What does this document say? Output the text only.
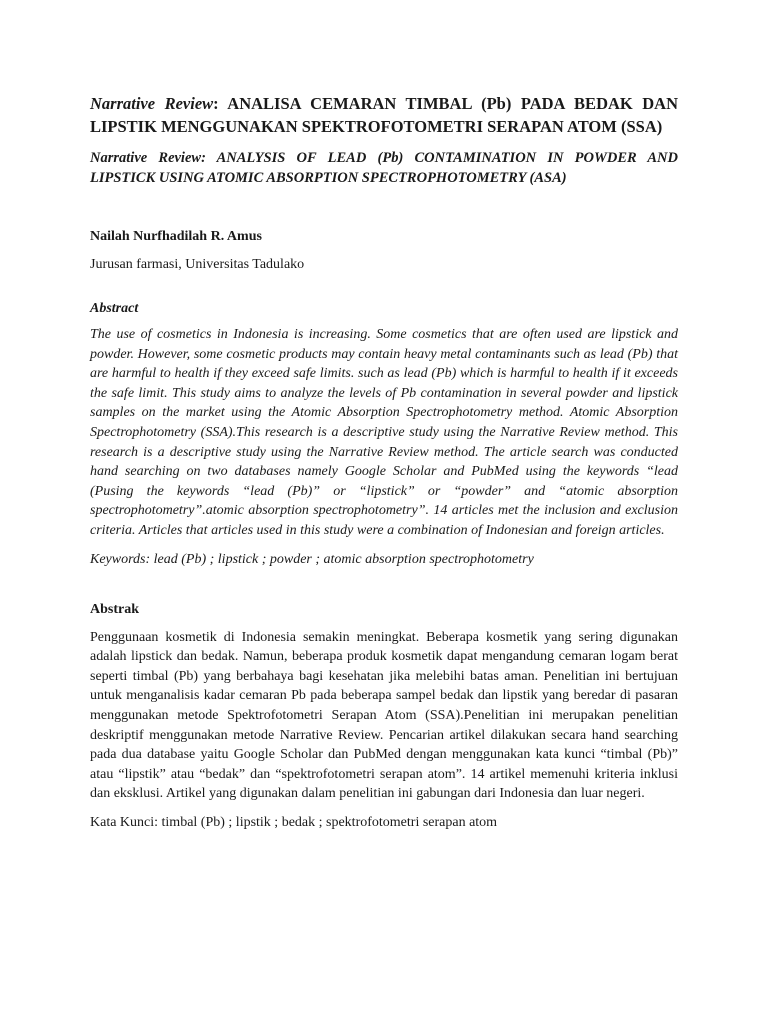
Narrative Review: ANALISA CEMARAN TIMBAL (Pb) PADA BEDAK DAN LIPSTIK MENGGUNAKAN SPEKTROFOTOMETRI SERAPAN ATOM (SSA)

Narrative Review: ANALYSIS OF LEAD (Pb) CONTAMINATION IN POWDER AND LIPSTICK USING ATOMIC ABSORPTION SPECTROPHOTOMETRY (ASA)

Nailah Nurfhadilah R. Amus

Jurusan farmasi, Universitas Tadulako

Abstract

The use of cosmetics in Indonesia is increasing. Some cosmetics that are often used are lipstick and powder. However, some cosmetic products may contain heavy metal contaminants such as lead (Pb) that are harmful to health if they exceed safe limits. such as lead (Pb) which is harmful to health if it exceeds the safe limit. This study aims to analyze the levels of Pb contamination in several powder and lipstick samples on the market using the Atomic Absorption Spectrophotometry method. Atomic Absorption Spectrophotometry (SSA).This research is a descriptive study using the Narrative Review method. This research is a descriptive study using the Narrative Review method. The article search was conducted hand searching on two databases namely Google Scholar and PubMed using the keywords “lead (Pusing the keywords “lead (Pb)” or “lipstick” or “powder” and “atomic absorption spectrophotometry”.atomic absorption spectrophotometry”. 14 articles met the inclusion and exclusion criteria. Articles that articles used in this study were a combination of Indonesian and foreign articles.

Keywords: lead (Pb) ; lipstick ; powder ; atomic absorption spectrophotometry

Abstrak

Penggunaan kosmetik di Indonesia semakin meningkat. Beberapa kosmetik yang sering digunakan adalah lipstick dan bedak. Namun, beberapa produk kosmetik dapat mengandung cemaran logam berat seperti timbal (Pb) yang berbahaya bagi kesehatan jika melebihi batas aman. Penelitian ini bertujuan untuk menganalisis kadar cemaran Pb pada beberapa sampel bedak dan lipstik yang beredar di pasaran menggunakan metode Spektrofotometri Serapan Atom (SSA).Penelitian ini merupakan penelitian deskriptif menggunakan metode Narrative Review. Pencarian artikel dilakukan secara hand searching pada dua database yaitu Google Scholar dan PubMed dengan menggunakan kata kunci “timbal (Pb)” atau “lipstik” atau “bedak” dan “spektrofotometri serapan atom”. 14 artikel memenuhi kriteria inklusi dan eksklusi. Artikel yang digunakan dalam penelitian ini gabungan dari Indonesia dan luar negeri.

Kata Kunci: timbal (Pb) ; lipstik ; bedak ; spektrofotometri serapan atom
